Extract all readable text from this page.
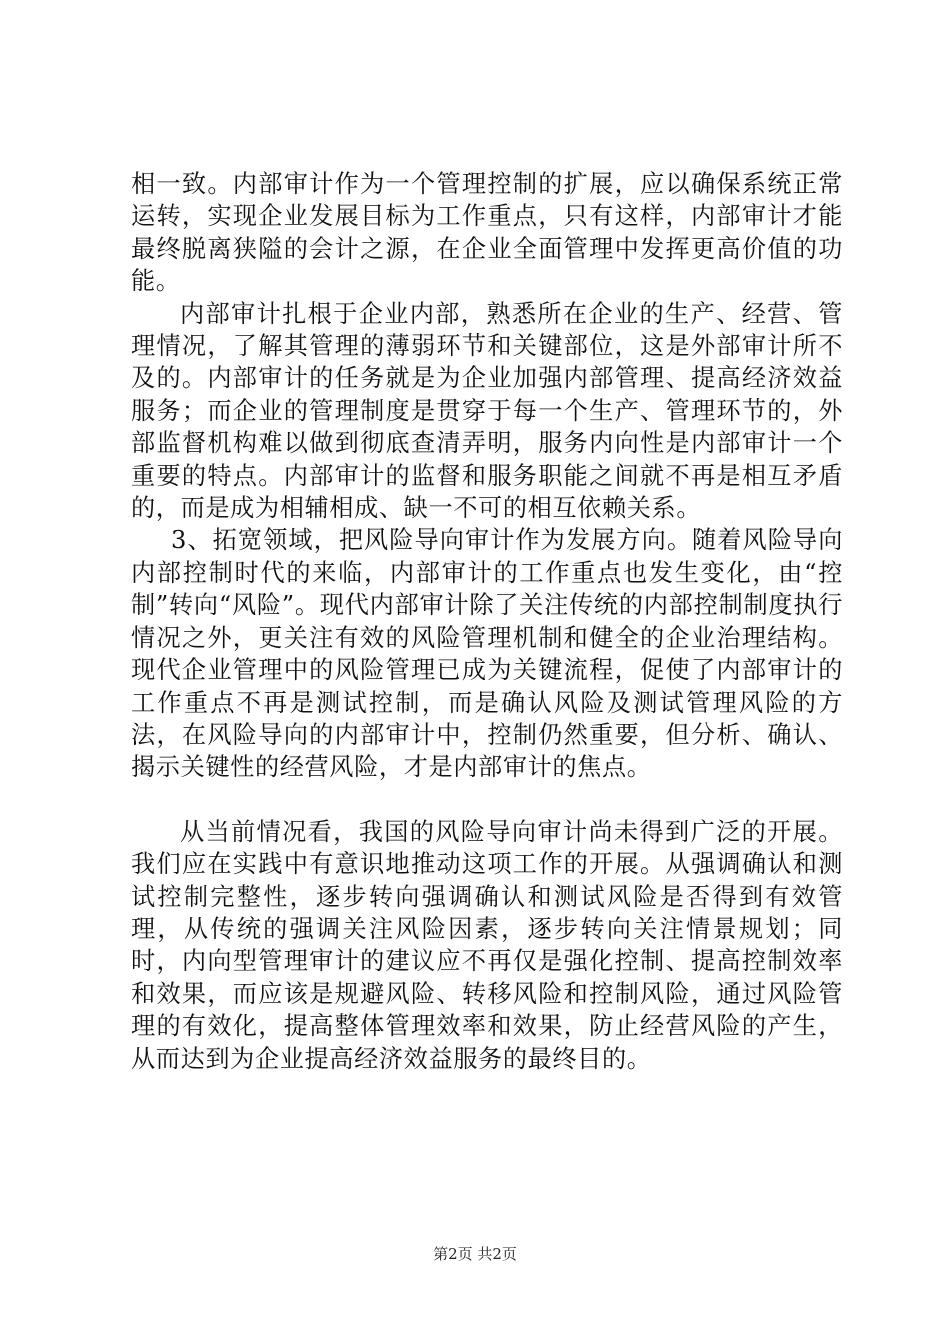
相一致。内部审计作为一个管理控制的扩展，应以确保系统正常运转，实现企业发展目标为工作重点，只有这样，内部审计才能最终脱离狭隘的会计之源，在企业全面管理中发挥更高价值的功能。

内部审计扎根于企业内部，熟悉所在企业的生产、经营、管理情况，了解其管理的薄弱环节和关键部位，这是外部审计所不及的。内部审计的任务就是为企业加强内部管理、提高经济效益服务；而企业的管理制度是贯穿于每一个生产、管理环节的，外部监督机构难以做到彻底查清弄明，服务内向性是内部审计一个重要的特点。内部审计的监督和服务职能之间就不再是相互矛盾的，而是成为相辅相成、缺一不可的相互依赖关系。

3、拓宽领域，把风险导向审计作为发展方向。随着风险导向内部控制时代的来临，内部审计的工作重点也发生变化，由“控制”转向“风险”。现代内部审计除了关注传统的内部控制制度执行情况之外，更关注有效的风险管理机制和健全的企业治理结构。现代企业管理中的风险管理已成为关键流程，促使了内部审计的工作重点不再是测试控制，而是确认风险及测试管理风险的方法，在风险导向的内部审计中，控制仍然重要，但分析、确认、揭示关键性的经营风险，才是内部审计的焦点。

从当前情况看，我国的风险导向审计尚未得到广泛的开展。我们应在实践中有意识地推动这项工作的开展。从强调确认和测试控制完整性，逐步转向强调确认和测试风险是否得到有效管理，从传统的强调关注风险因素，逐步转向关注情景规划；同时，内向型管理审计的建议应不再仅是强化控制、提高控制效率和效果，而应该是规避风险、转移风险和控制风险，通过风险管理的有效化，提高整体管理效率和效果，防止经营风险的产生，从而达到为企业提高经济效益服务的最终目的。

第2页 共2页
